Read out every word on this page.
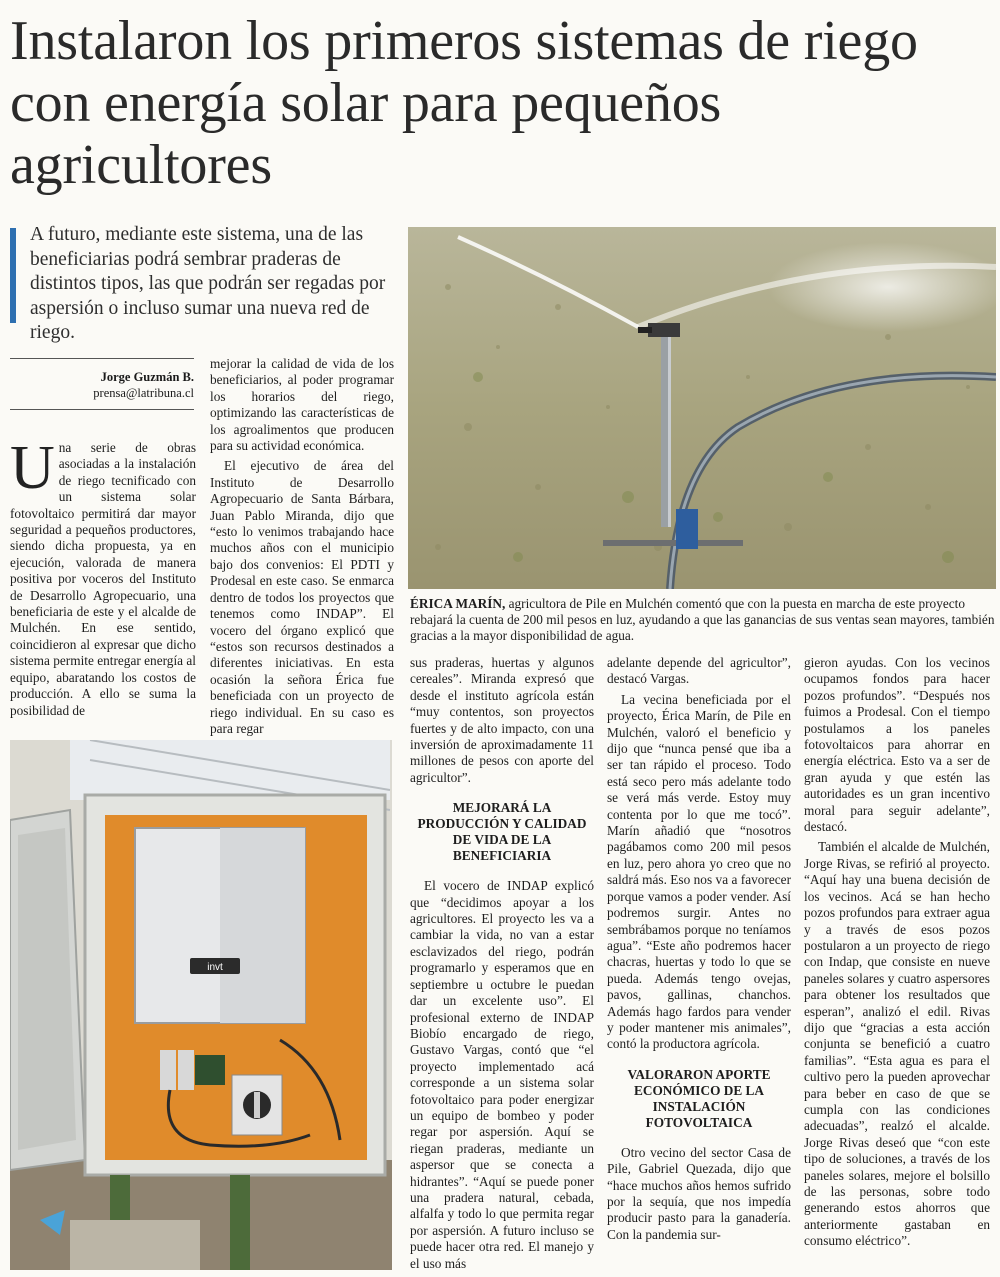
Instalaron los primeros sistemas de riego con energía solar para pequeños agricultores
A futuro, mediante este sistema, una de las beneficiarias podrá sembrar praderas de distintos tipos, las que podrán ser regadas por aspersión o incluso sumar una nueva red de riego.
Jorge Guzmán B.
prensa@latribuna.cl
ÉRICA MARÍN, agricultora de Pile en Mulchén comentó que con la puesta en marcha de este proyecto rebajará la cuenta de 200 mil pesos en luz, ayudando a que las ganancias de sus ventas sean mayores, también gracias a la mayor disponibilidad de agua.
invt

Una serie de obras asociadas a la instalación de riego tecnificado con un sistema solar fotovoltaico permitirá dar mayor seguridad a pequeños productores, siendo dicha propuesta, ya en ejecución, valorada de manera positiva por voceros del Instituto de Desarrollo Agropecuario, una beneficiaria de este y el alcalde de Mulchén. En ese sentido, coincidieron al expresar que dicho sistema permite entregar energía al equipo, abaratando los costos de producción. A ello se suma la posibilidad de

mejorar la calidad de vida de los beneficiarios, al poder programar los horarios del riego, optimizando las características de los agroalimentos que producen para su actividad económica.

El ejecutivo de área del Instituto de Desarrollo Agropecuario de Santa Bárbara, Juan Pablo Miranda, dijo que “esto lo venimos trabajando hace muchos años con el municipio bajo dos convenios: El PDTI y Prodesal en este caso. Se enmarca dentro de todos los proyectos que tenemos como INDAP”. El vocero del órgano explicó que “estos son recursos destinados a diferentes iniciativas. En esta ocasión la señora Érica fue beneficiada con un proyecto de riego individual. En su caso es para regar

sus praderas, huertas y algunos cereales”. Miranda expresó que desde el instituto agrícola están “muy contentos, son proyectos fuertes y de alto impacto, con una inversión de aproximadamente 11 millones de pesos con aporte del agricultor”.

MEJORARÁ LA PRODUCCIÓN Y CALIDAD DE VIDA DE LA BENEFICIARIA

El vocero de INDAP explicó que “decidimos apoyar a los agricultores. El proyecto les va a cambiar la vida, no van a estar esclavizados del riego, podrán programarlo y esperamos que en septiembre u octubre le puedan dar un excelente uso”. El profesional externo de INDAP Biobío encargado de riego, Gustavo Vargas, contó que “el proyecto implementado acá corresponde a un sistema solar fotovoltaico para poder energizar un equipo de bombeo y poder regar por aspersión. Aquí se riegan praderas, mediante un aspersor que se conecta a hidrantes”. “Aquí se puede poner una pradera natural, cebada, alfalfa y todo lo que permita regar por aspersión. A futuro incluso se puede hacer otra red. El manejo y el uso más

adelante depende del agricultor”, destacó Vargas.

La vecina beneficiada por el proyecto, Érica Marín, de Pile en Mulchén, valoró el beneficio y dijo que “nunca pensé que iba a ser tan rápido el proceso. Todo está seco pero más adelante todo se verá más verde. Estoy muy contenta por lo que me tocó”. Marín añadió que “nosotros pagábamos como 200 mil pesos en luz, pero ahora yo creo que no saldrá más. Eso nos va a favorecer porque vamos a poder vender. Así podremos surgir. Antes no sembrábamos porque no teníamos agua”. “Este año podremos hacer chacras, huertas y todo lo que se pueda. Además tengo ovejas, pavos, gallinas, chanchos. Además hago fardos para vender y poder mantener mis animales”, contó la productora agrícola.

VALORARON APORTE ECONÓMICO DE LA INSTALACIÓN FOTOVOLTAICA

Otro vecino del sector Casa de Pile, Gabriel Quezada, dijo que “hace muchos años hemos sufrido por la sequía, que nos impedía producir pasto para la ganadería. Con la pandemia sur-

gieron ayudas. Con los vecinos ocupamos fondos para hacer pozos profundos”. “Después nos fuimos a Prodesal. Con el tiempo postulamos a los paneles fotovoltaicos para ahorrar en energía eléctrica. Esto va a ser de gran ayuda y que estén las autoridades es un gran incentivo moral para seguir adelante”, destacó.

También el alcalde de Mulchén, Jorge Rivas, se refirió al proyecto. “Aquí hay una buena decisión de los vecinos. Acá se han hecho pozos profundos para extraer agua y a través de esos pozos postularon a un proyecto de riego con Indap, que consiste en nueve paneles solares y cuatro aspersores para obtener los resultados que esperan”, analizó el edil. Rivas dijo que “gracias a esta acción conjunta se benefició a cuatro familias”. “Esta agua es para el cultivo pero la pueden aprovechar para beber en caso de que se cumpla con las condiciones adecuadas”, realzó el alcalde. Jorge Rivas deseó que “con este tipo de soluciones, a través de los paneles solares, mejore el bolsillo de las personas, sobre todo generando estos ahorros que anteriormente gastaban en consumo eléctrico”.
